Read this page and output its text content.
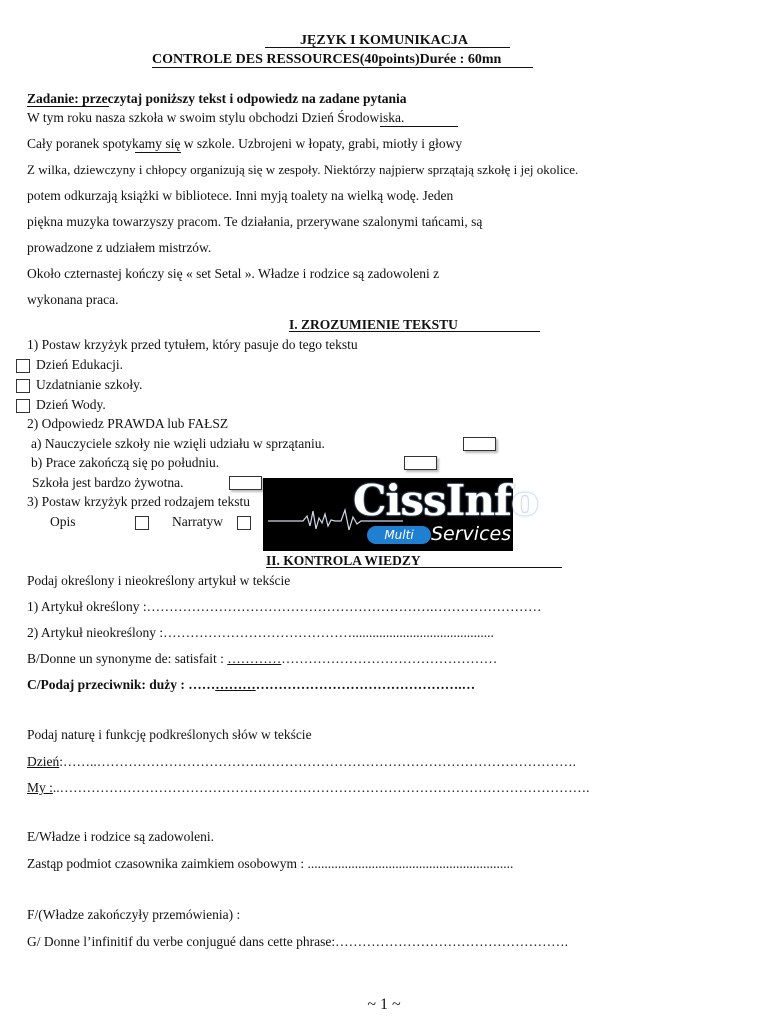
JĘZYK I KOMUNIKACJA
CONTROLE DES RESSOURCES(40points)Durée : 60mn
Zadanie: przeczytaj poniższy tekst i odpowiedz na zadane pytania
W tym roku nasza szkoła w swoim stylu obchodzi Dzień Środowiska.
Cały poranek spotykamy się w szkole. Uzbrojeni w łopaty, grabi, miotły i głowy
Z wilka, dziewczyny i chłopcy organizują się w zespoły. Niektórzy najpierw sprzątają szkołę i jej okolice.
potem odkurzają książki w bibliotece. Inni myją toalety na wielką wodę. Jeden
piękna muzyka towarzyszy pracom. Te działania, przerywane szalonymi tańcami, są
prowadzone z udziałem mistrzów.
Około czternastej kończy się « set Setal ». Władze i rodzice są zadowoleni z
wykonana praca.
I. ZROZUMIENIE TEKSTU
1) Postaw krzyżyk przed tytułem, który pasuje do tego tekstu
Dzień Edukacji.
Uzdatnianie szkoły.
Dzień Wody.
2) Odpowiedz PRAWDA lub FAŁSZ
a) Nauczyciele szkoły nie wzięli udziału w sprzątaniu.
b) Prace zakończą się po południu.
Szkoła jest bardzo żywotna.
3) Postaw krzyżyk przed rodzajem tekstu
Opis	Narratyw	CissInfo
Multi Services
II. KONTROLA WIEDZY
Podaj określony i nieokreślony artykuł w tekście
1) Artykuł określony :……………………………………………………….……………………
2) Artykuł nieokreślony :……………………………………..........................................
B/Donne un synonyme de: satisfait : ……………………………………………………
C/Podaj przeciwnik: duży : …………………………………………………….…
Podaj naturę i funkcję podkreślonych słów w tekście
Dzień:……..……………………………….…………………………………………………………….
My :..……………………………………………………………………………………………………….
E/Władze i rodzice są zadowoleni.
Zastąp podmiot czasownika zaimkiem osobowym : .............................................................
F/(Władze zakończyły przemówienia) :
G/ Donne l’infinitif du verbe conjugué dans cette phrase:…………………………………………….
~ 1 ~
